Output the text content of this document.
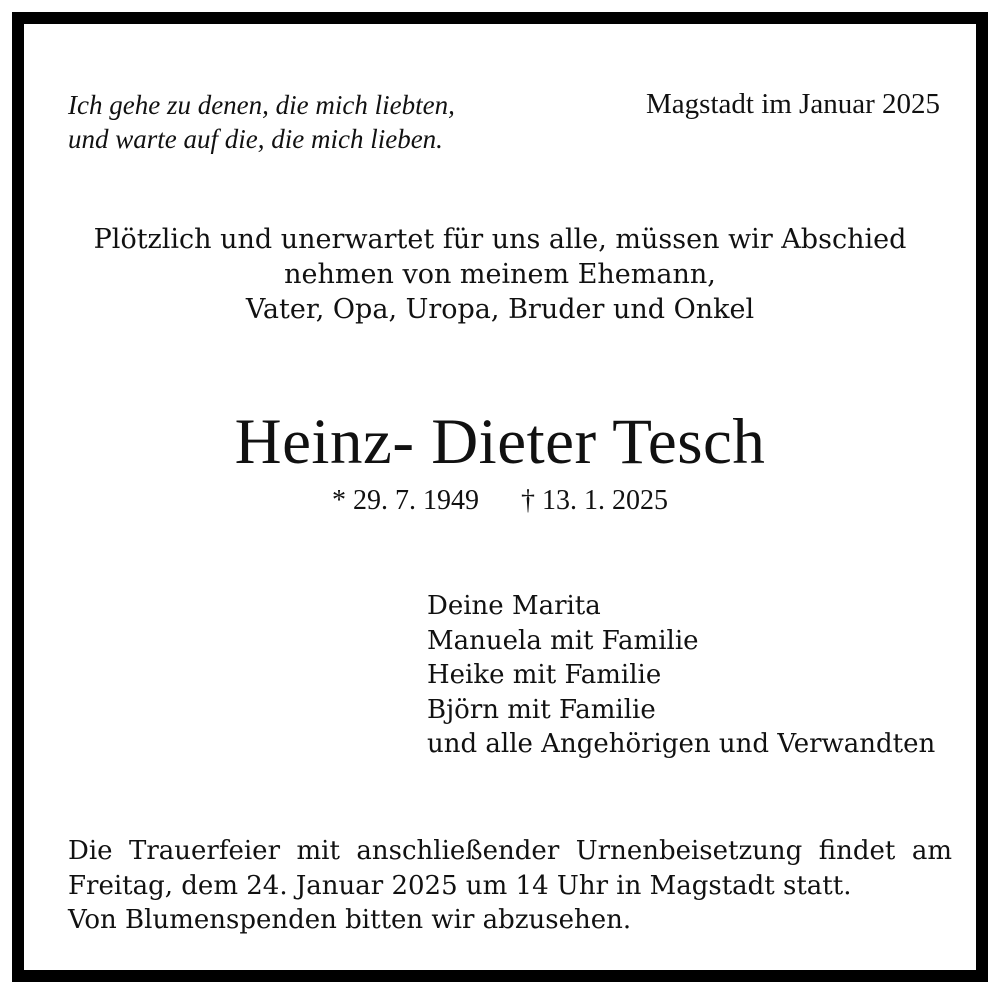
Ich gehe zu denen, die mich liebten,
und warte auf die, die mich lieben.
Magstadt im Januar 2025
Plötzlich und unerwartet für uns alle, müssen wir Abschied
nehmen von meinem Ehemann,
Vater, Opa, Uropa, Bruder und Onkel
Heinz- Dieter Tesch
* 29. 7. 1949 † 13. 1. 2025
Deine Marita
Manuela mit Familie
Heike mit Familie
Björn mit Familie
und alle Angehörigen und Verwandten
Die Trauerfeier mit anschließender Urnenbeisetzung findet am
Freitag, dem 24. Januar 2025 um 14 Uhr in Magstadt statt.
Von Blumenspenden bitten wir abzusehen.
